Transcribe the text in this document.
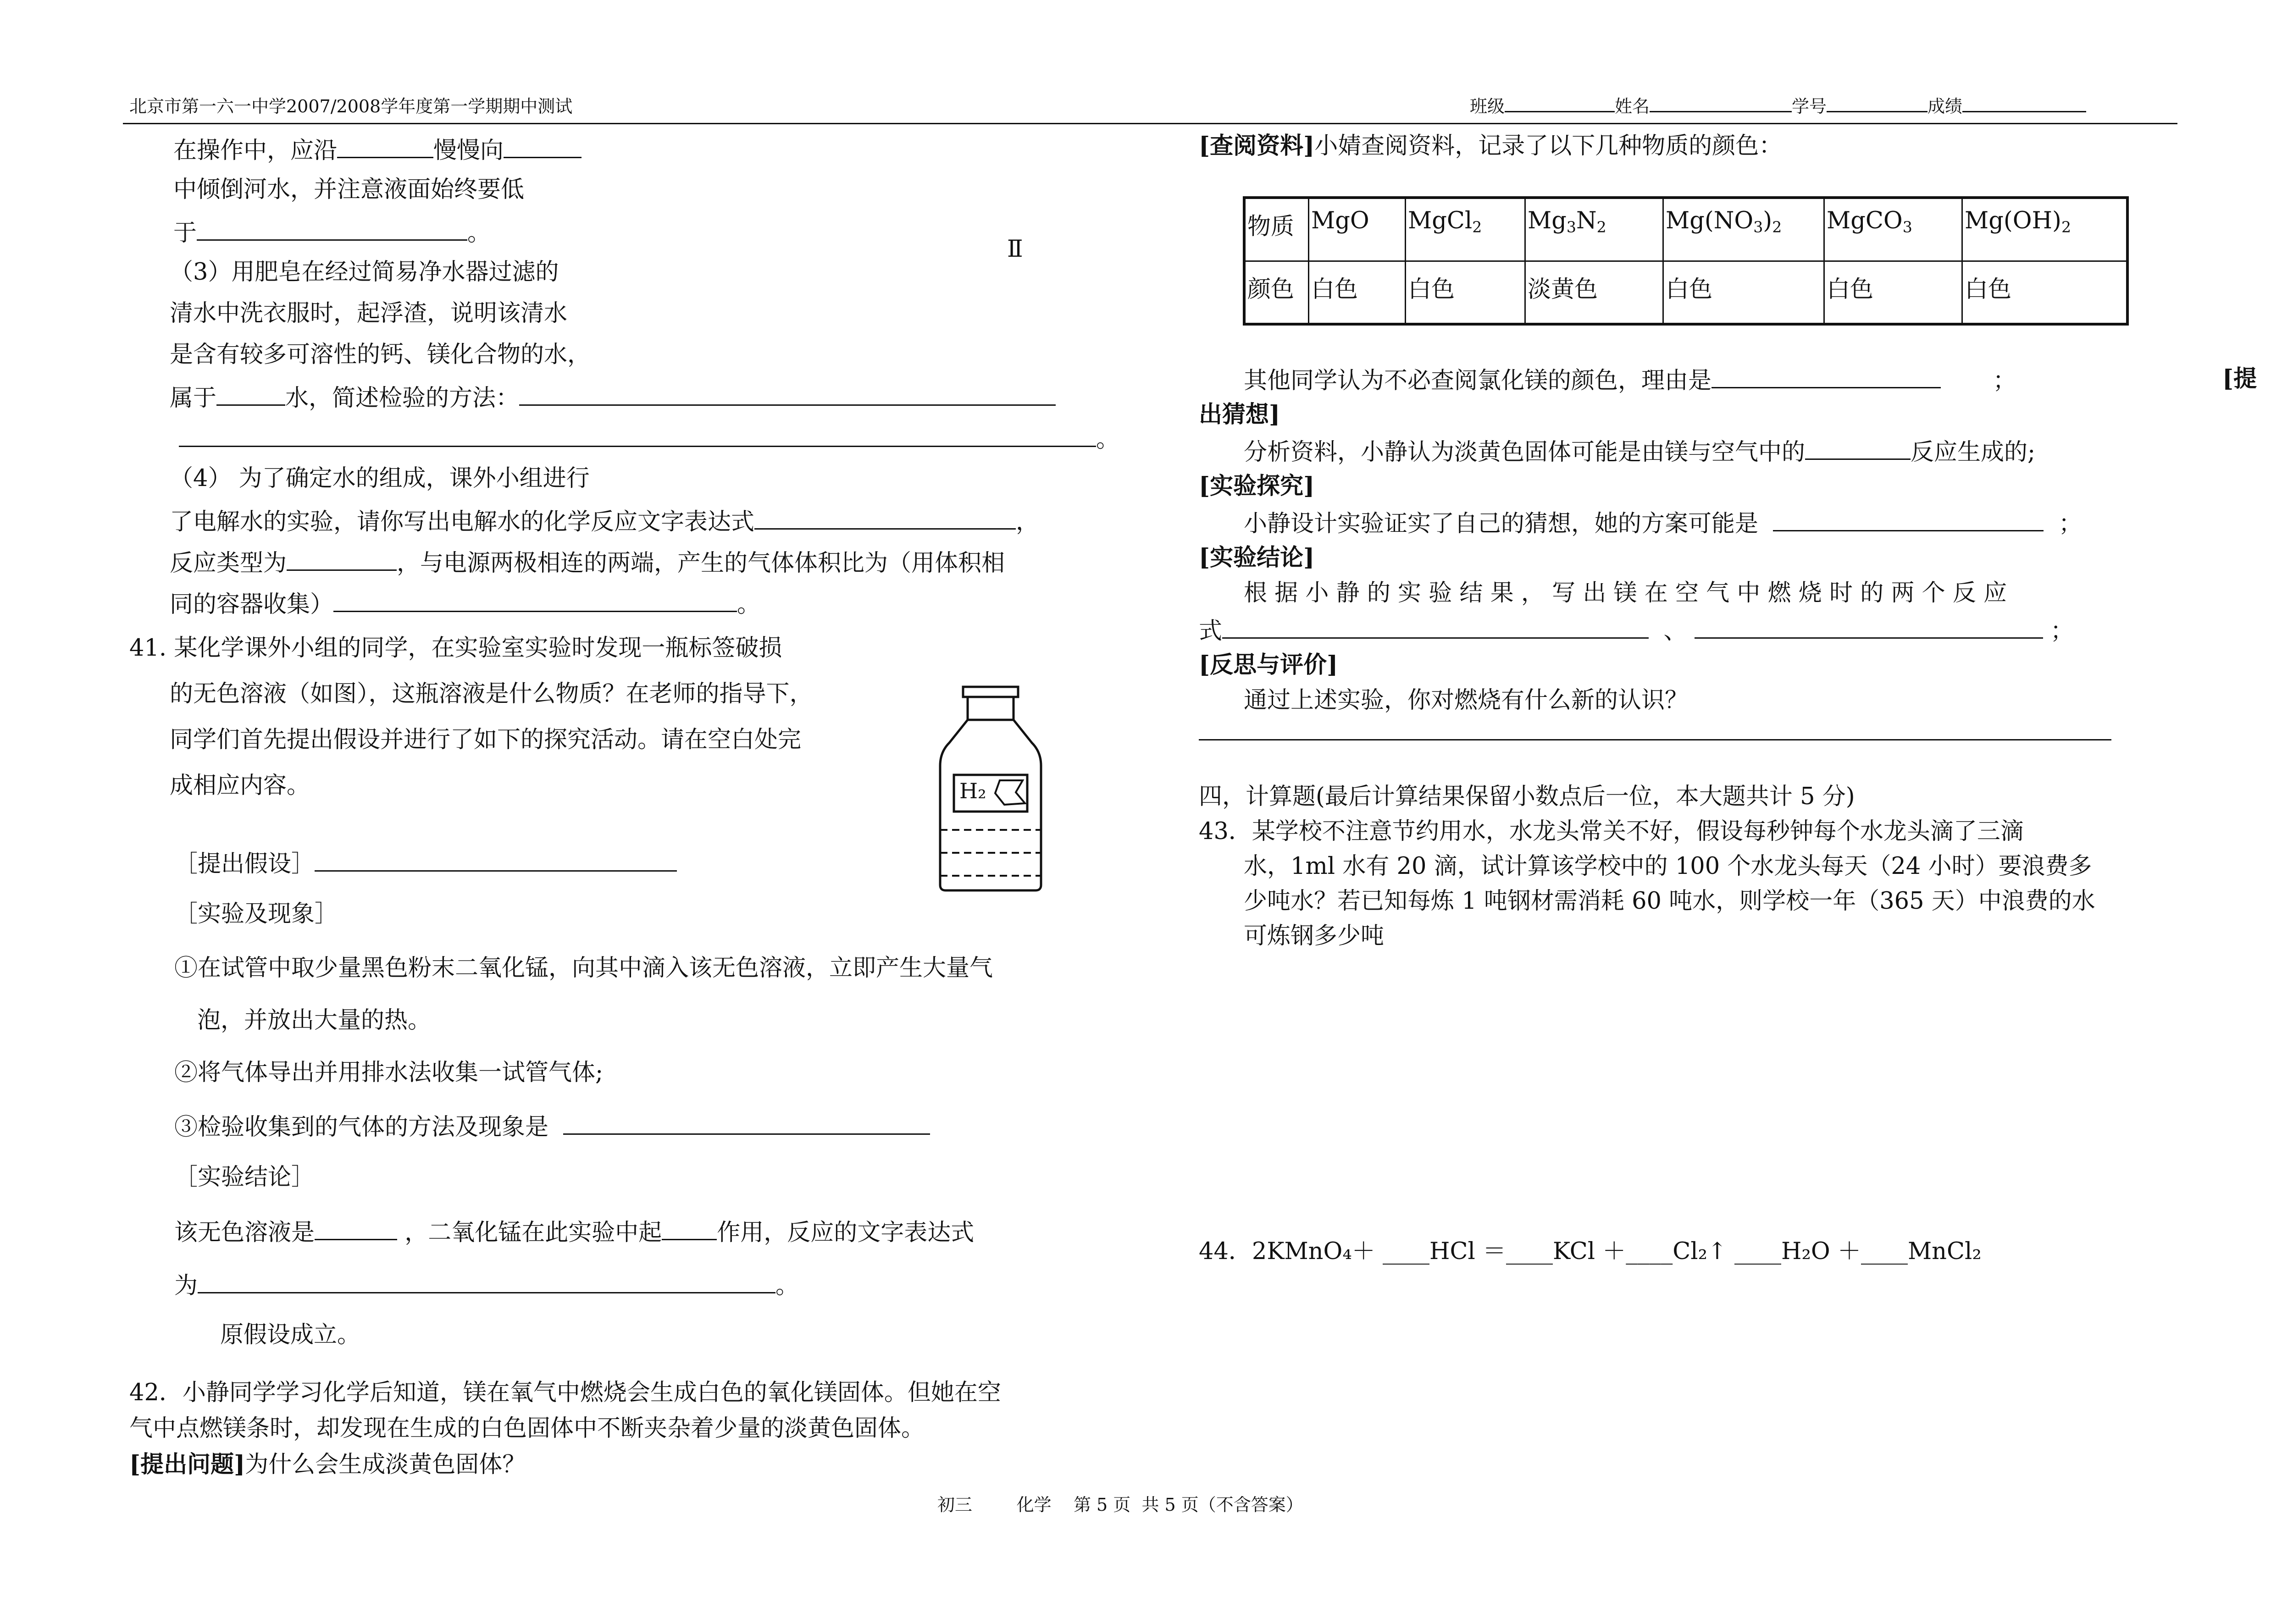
北京市第一六一中学2007/2008学年度第一学期期中测试	班级	姓名	学号	成绩
在操作中，应沿	慢慢向
中倾倒河水，并注意液面始终要低
于	。
Ⅱ
（3）用肥皂在经过简易净水器过滤的
清水中洗衣服时，起浮渣，说明该清水
是含有较多可溶性的钙、镁化合物的水，
属于	水，简述检验的方法：
。
（4） 为了确定水的组成，课外小组进行
了电解水的实验，请你写出电解水的化学反应文字表达式	，
反应类型为	，与电源两极相连的两端，产生的气体体积比为（用体积相
同的容器收集）	。
41. 某化学课外小组的同学，在实验室实验时发现一瓶标签破损
的无色溶液（如图），这瓶溶液是什么物质？在老师的指导下，
同学们首先提出假设并进行了如下的探究活动。请在空白处完
成相应内容。	H₂
［提出假设］
［实验及现象］
①在试管中取少量黑色粉末二氧化锰，向其中滴入该无色溶液，立即产生大量气
泡，并放出大量的热。
②将气体导出并用排水法收集一试管气体;
③检验收集到的气体的方法及现象是
［实验结论］
该无色溶液是	，二氧化锰在此实验中起 作用，反应的文字表达式
为	。
原假设成立。
42．小静同学学习化学后知道，镁在氧气中燃烧会生成白色的氧化镁固体。但她在空
气中点燃镁条时，却发现在生成的白色固体中不断夹杂着少量的淡黄色固体。
[提出问题]为什么会生成淡黄色固体？
[查阅资料]小婧查阅资料，记录了以下几种物质的颜色：
物质	MgO	MgCl$_2$	$Mg_3N_2$	$Mg(NO_3)_2$	MgCO$_3$	$Mg(OH)_2$
颜色	白色	白色	淡黄色	白色	白色	白色
其他同学认为不必查阅氯化镁的颜色，理由是	；	[提
出猜想]
分析资料，小静认为淡黄色固体可能是由镁与空气中的	反应生成的;
[实验探究]
小静设计实验证实了自己的猜想，她的方案可能是	；
[实验结论]
根 据 小 静 的 实 验 结 果 ， 写 出 镁 在 空 气 中 燃 烧 时 的 两 个 反 应
式	、	；
[反思与评价]
通过上述实验，你对燃烧有什么新的认识？
四，计算题(最后计算结果保留小数点后一位，本大题共计 5 分)
43．某学校不注意节约用水，水龙头常关不好，假设每秒钟每个水龙头滴了三滴
水，1ml 水有 20 滴，试计算该学校中的 100 个水龙头每天（24 小时）要浪费多
少吨水？若已知每炼 1 吨钢材需消耗 60 吨水，则学校一年（365 天）中浪费的水
可炼钢多少吨
44．2KMnO₄＋ ____HCl ＝____KCl ＋____Cl₂↑ ____H₂O ＋____MnCl₂
初三        化学    第 5 页  共 5 页（不含答案）
